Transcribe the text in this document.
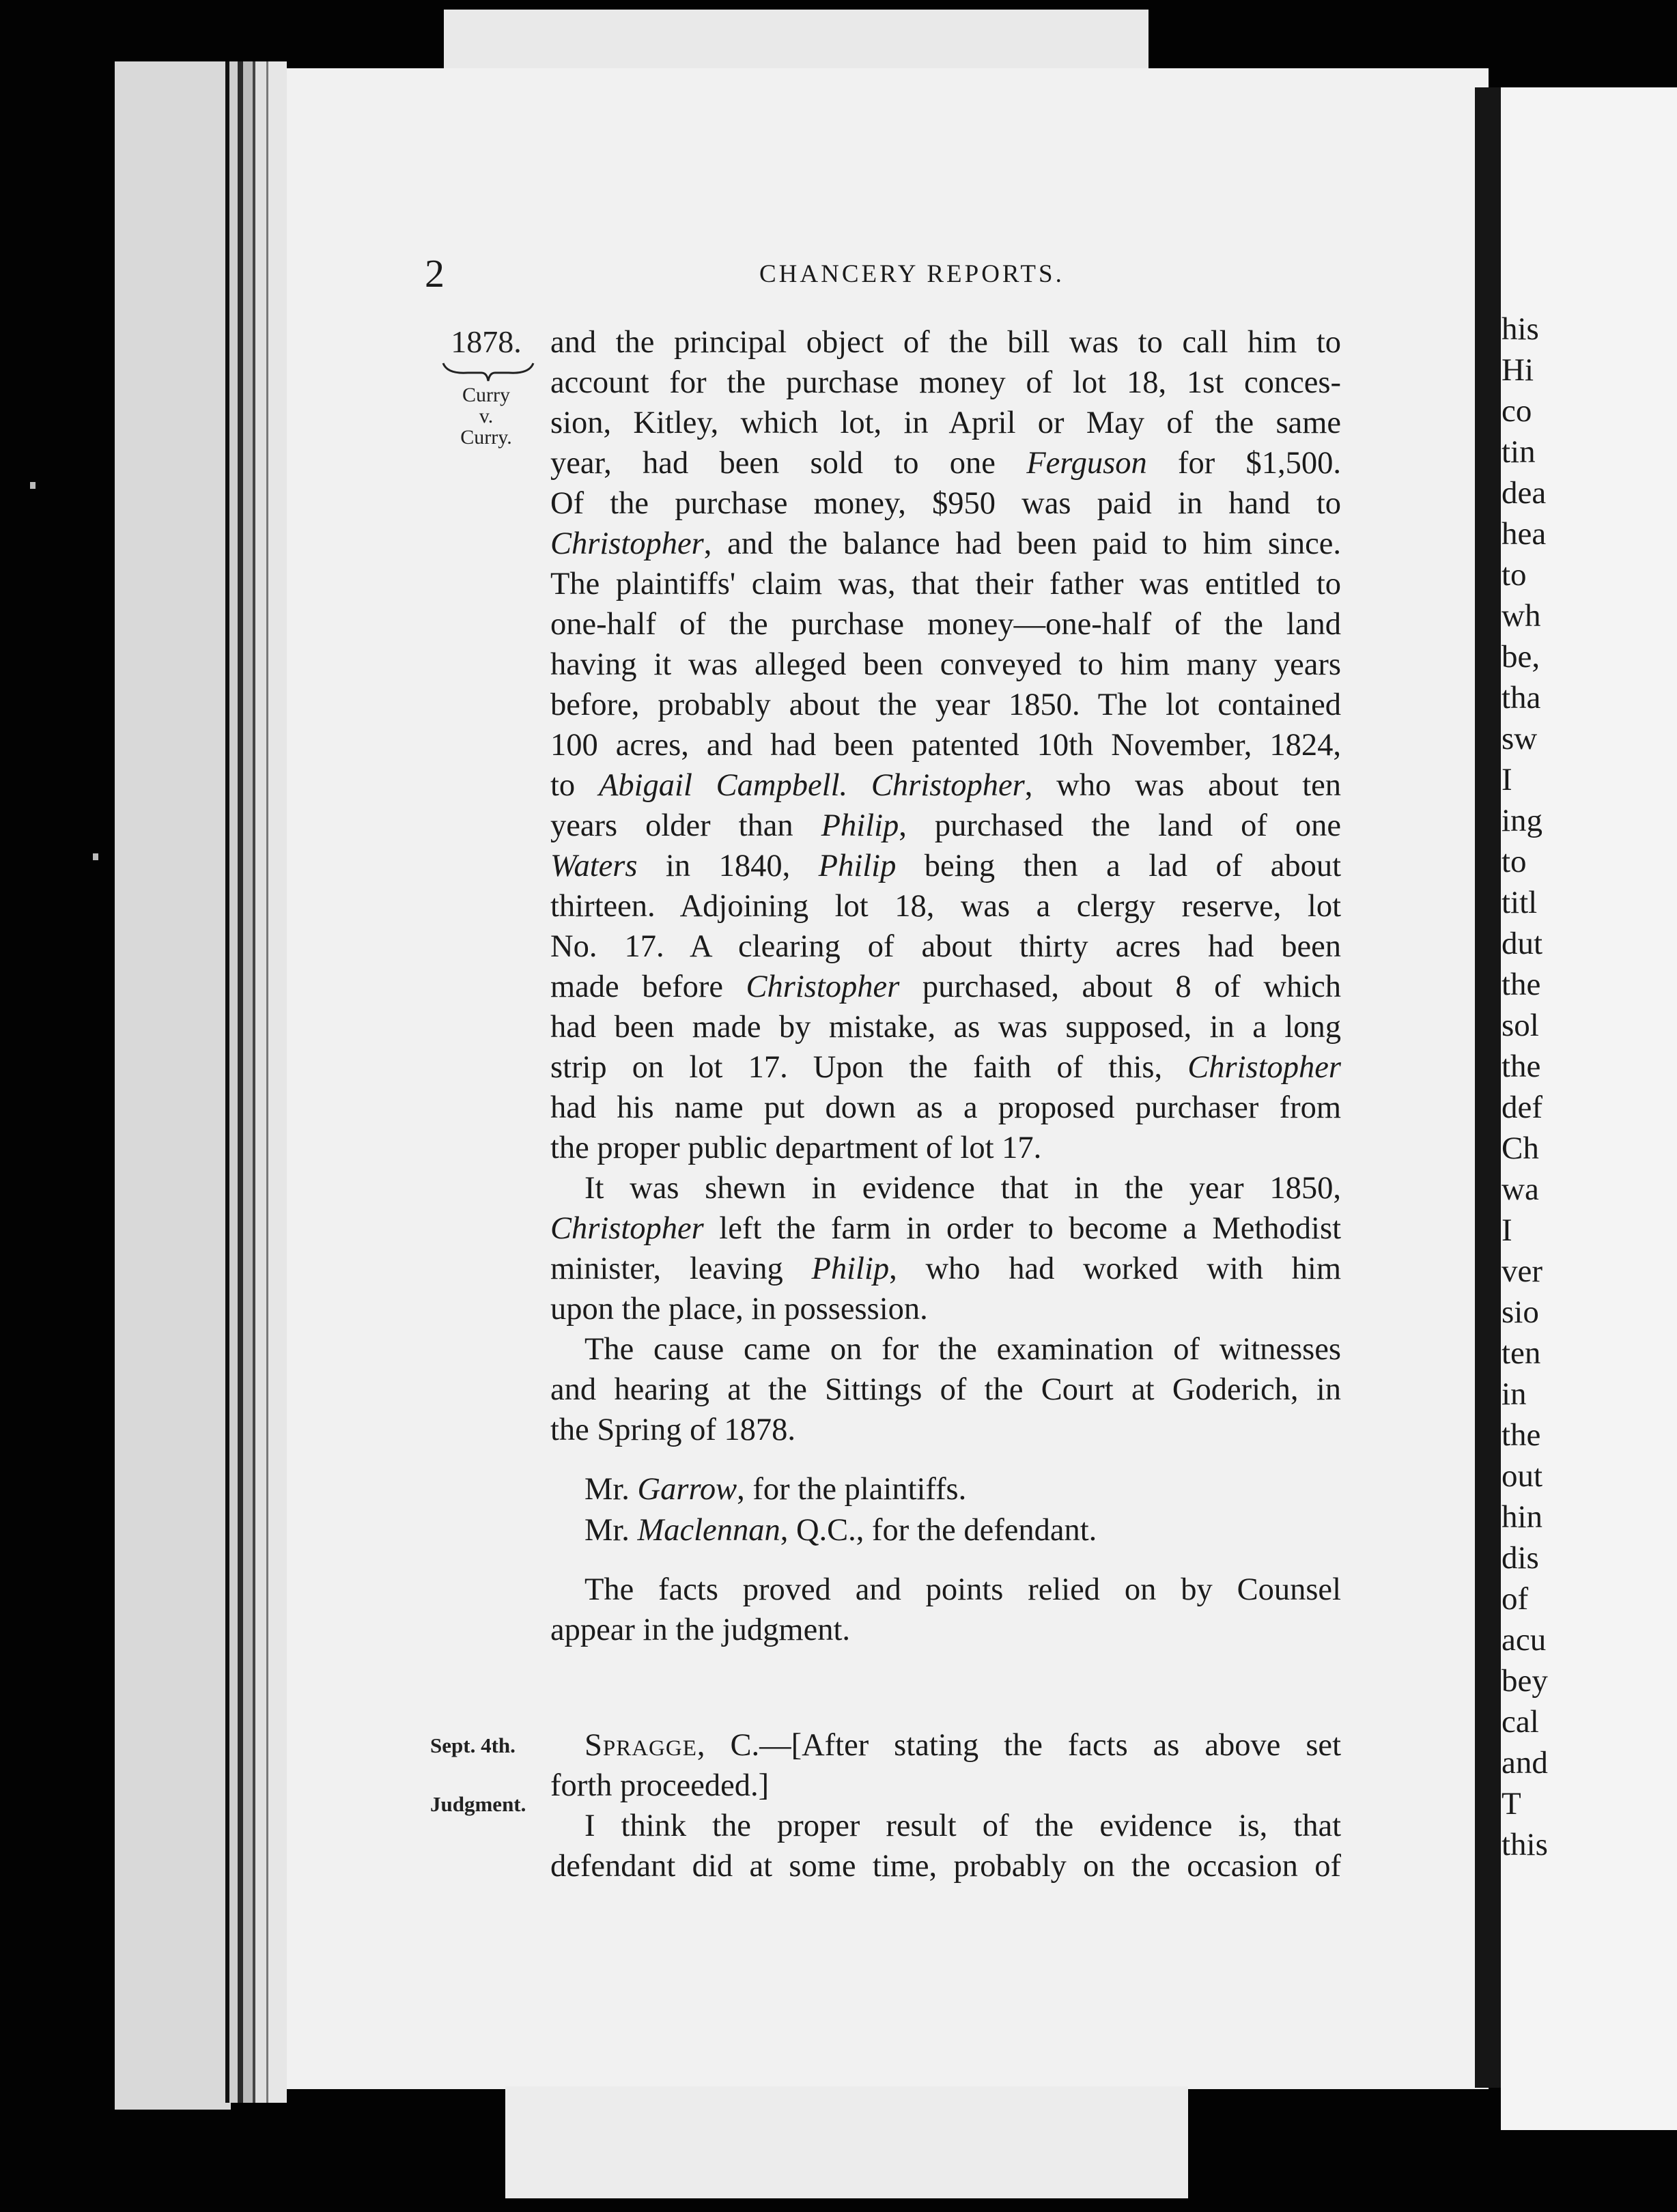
his
Hi
co
tin
dea
hea
to
wh
be,
tha
sw
I
ing
to
titl
dut
the
sol
the
def
Ch
wa
I
ver
sio
ten
in
the
out
hin
dis
of
acu
bey
cal
and
T
this
2	CHANCERY REPORTS.
1878.
Curry
v.
Curry.
Sept. 4th.
Judgment.
and the principal object of the bill was to call him to
account for the purchase money of lot 18, 1st conces-
sion, Kitley, which lot, in April or May of the same
year, had been sold to one Ferguson for $1,500.
Of the purchase money, $950 was paid in hand to
Christopher, and the balance had been paid to him since.
The plaintiffs' claim was, that their father was entitled to
one-half of the purchase money—one-half of the land
having it was alleged been conveyed to him many years
before, probably about the year 1850. The lot contained
100 acres, and had been patented 10th November, 1824,
to Abigail Campbell. Christopher, who was about ten
years older than Philip, purchased the land of one
Waters in 1840, Philip being then a lad of about
thirteen. Adjoining lot 18, was a clergy reserve, lot
No. 17. A clearing of about thirty acres had been
made before Christopher purchased, about 8 of which
had been made by mistake, as was supposed, in a long
strip on lot 17. Upon the faith of this, Christopher
had his name put down as a proposed purchaser from
the proper public department of lot 17.
It was shewn in evidence that in the year 1850,
Christopher left the farm in order to become a Methodist
minister, leaving Philip, who had worked with him
upon the place, in possession.
The cause came on for the examination of witnesses
and hearing at the Sittings of the Court at Goderich, in
the Spring of 1878.
Mr. Garrow, for the plaintiffs.
Mr. Maclennan, Q.C., for the defendant.
The facts proved and points relied on by Counsel
appear in the judgment.
Spragge, C.—[After stating the facts as above set
forth proceeded.]
I think the proper result of the evidence is, that
defendant did at some time, probably on the occasion of
